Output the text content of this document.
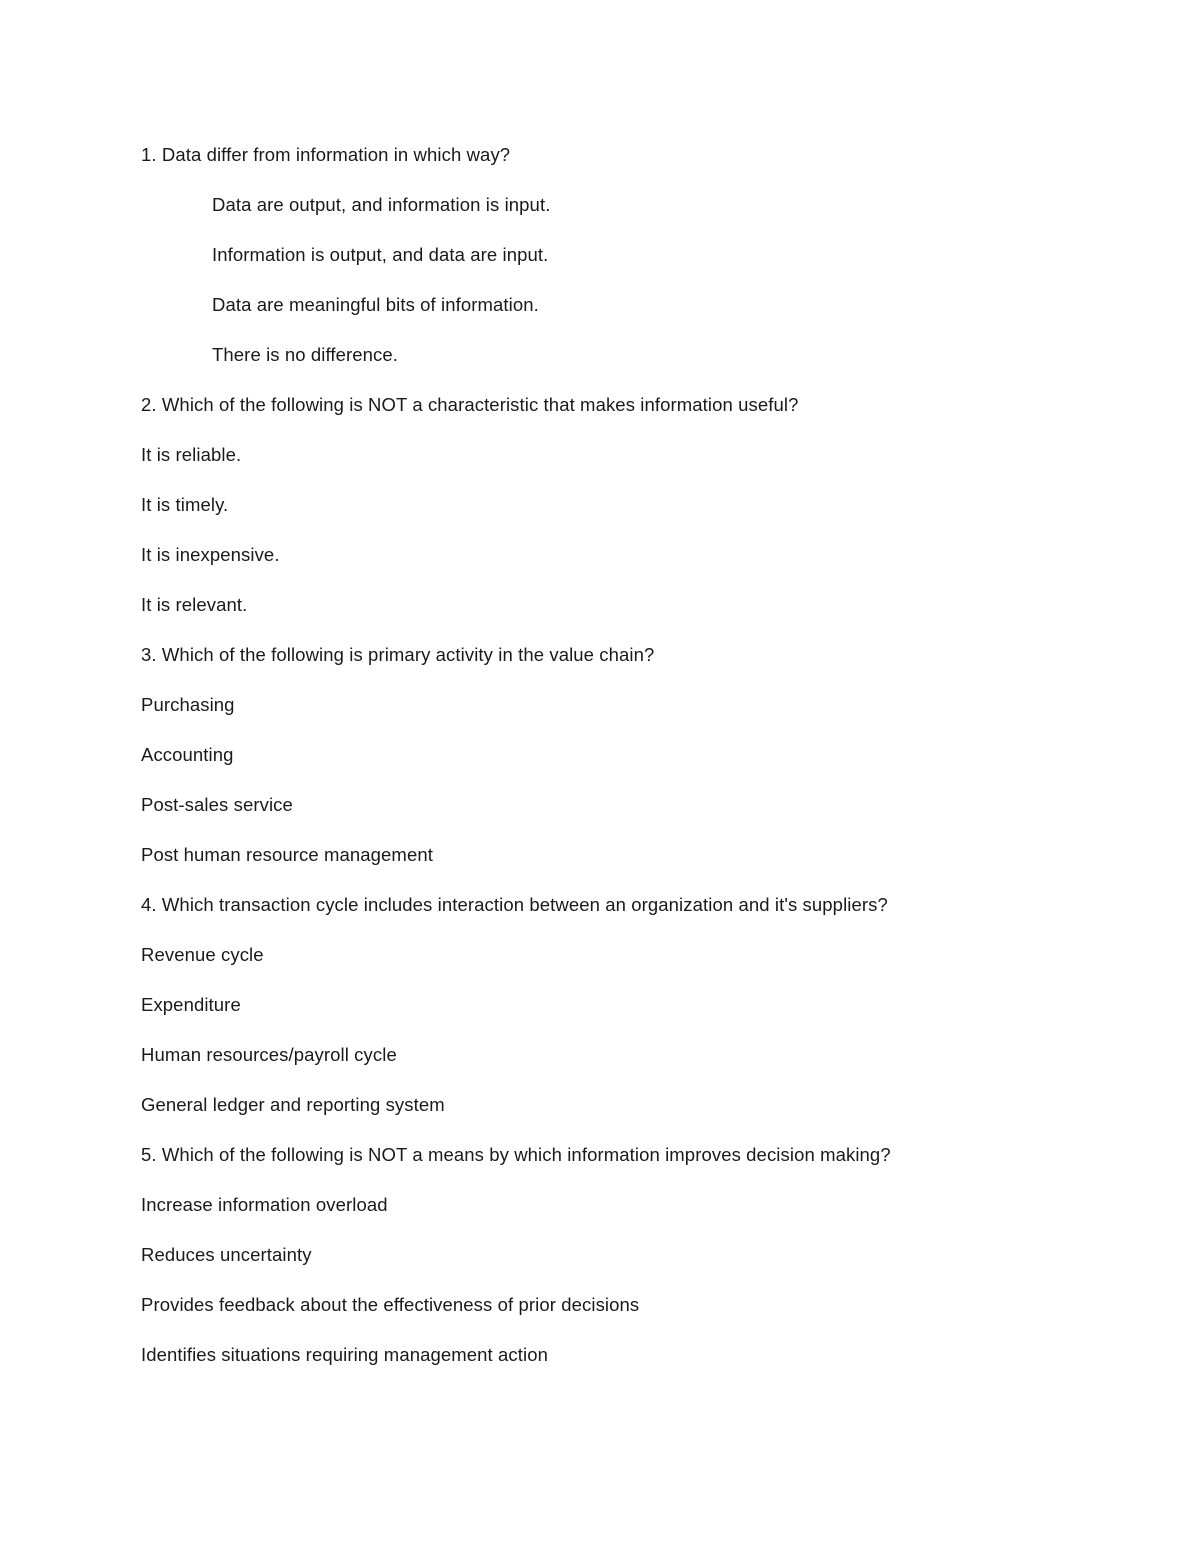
1. Data differ from information in which way?
Data are output, and information is input.
Information is output, and data are input.
Data are meaningful bits of information.
There is no difference.
2. Which of the following is NOT a characteristic that makes information useful?
It is reliable.
It is timely.
It is inexpensive.
It is relevant.
3. Which of the following is primary activity in the value chain?
Purchasing
Accounting
Post-sales service
Post human resource management
4. Which transaction cycle includes interaction between an organization and it's suppliers?
Revenue cycle
Expenditure
Human resources/payroll cycle
General ledger and reporting system
5. Which of the following is NOT a means by which information improves decision making?
Increase information overload
Reduces uncertainty
Provides feedback about the effectiveness of prior decisions
Identifies situations requiring management action
